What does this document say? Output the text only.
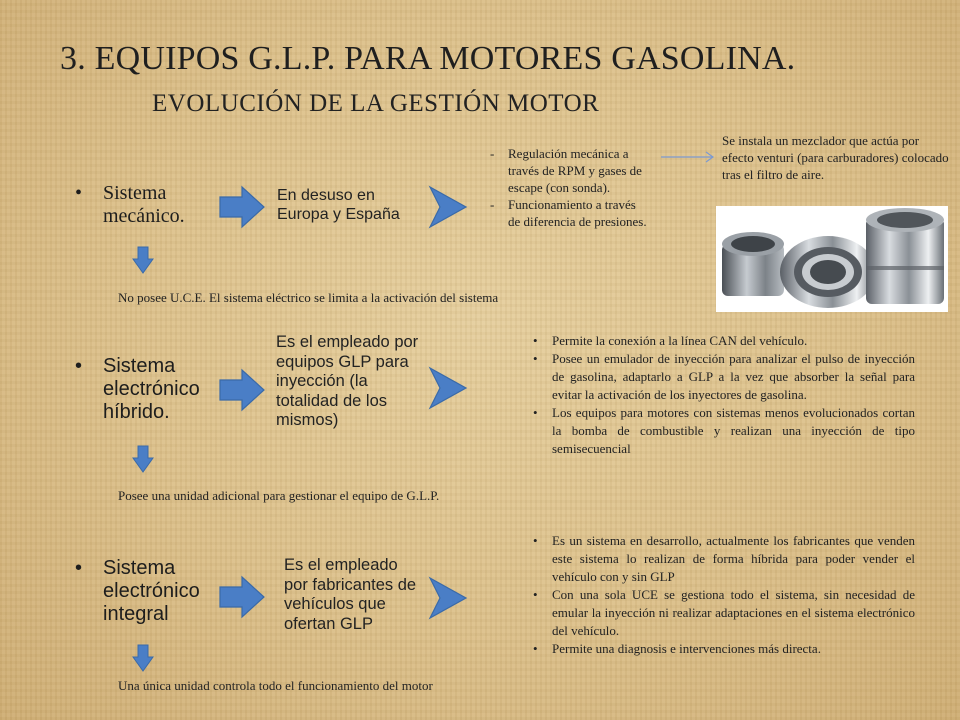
3. EQUIPOS G.L.P. PARA MOTORES GASOLINA.
EVOLUCIÓN DE LA GESTIÓN MOTOR
• Sistema mecánico.
En desuso en Europa y España
- Regulación mecánica a través de RPM y gases de escape (con sonda).
- Funcionamiento a través de diferencia de presiones.
Se instala un mezclador que actúa por efecto venturi (para carburadores) colocado tras el filtro de aire.
No posee U.C.E. El sistema eléctrico se limita a la activación del sistema
• Sistema electrónico híbrido.
Es el empleado por equipos GLP para inyección (la totalidad de los mismos)
• Permite la conexión a la línea CAN del vehículo.
• Posee un emulador de inyección para analizar el pulso de inyección de gasolina, adaptarlo a GLP a la vez que absorber la señal para evitar la activación de los inyectores de gasolina.
• Los equipos para motores con sistemas menos evolucionados cortan la bomba de combustible y realizan una inyección de tipo semisecuencial
Posee una unidad adicional para gestionar el equipo de G.L.P.
• Sistema electrónico integral
Es el empleado por fabricantes de vehículos que ofertan GLP
• Es un sistema en desarrollo, actualmente los fabricantes que venden este sistema lo realizan de forma híbrida para poder vender el vehículo con y sin GLP
• Con una sola UCE se gestiona todo el sistema, sin necesidad de emular la inyección ni realizar adaptaciones en el sistema electrónico del vehículo.
• Permite una diagnosis e intervenciones más directa.
Una única unidad controla todo el funcionamiento del motor
